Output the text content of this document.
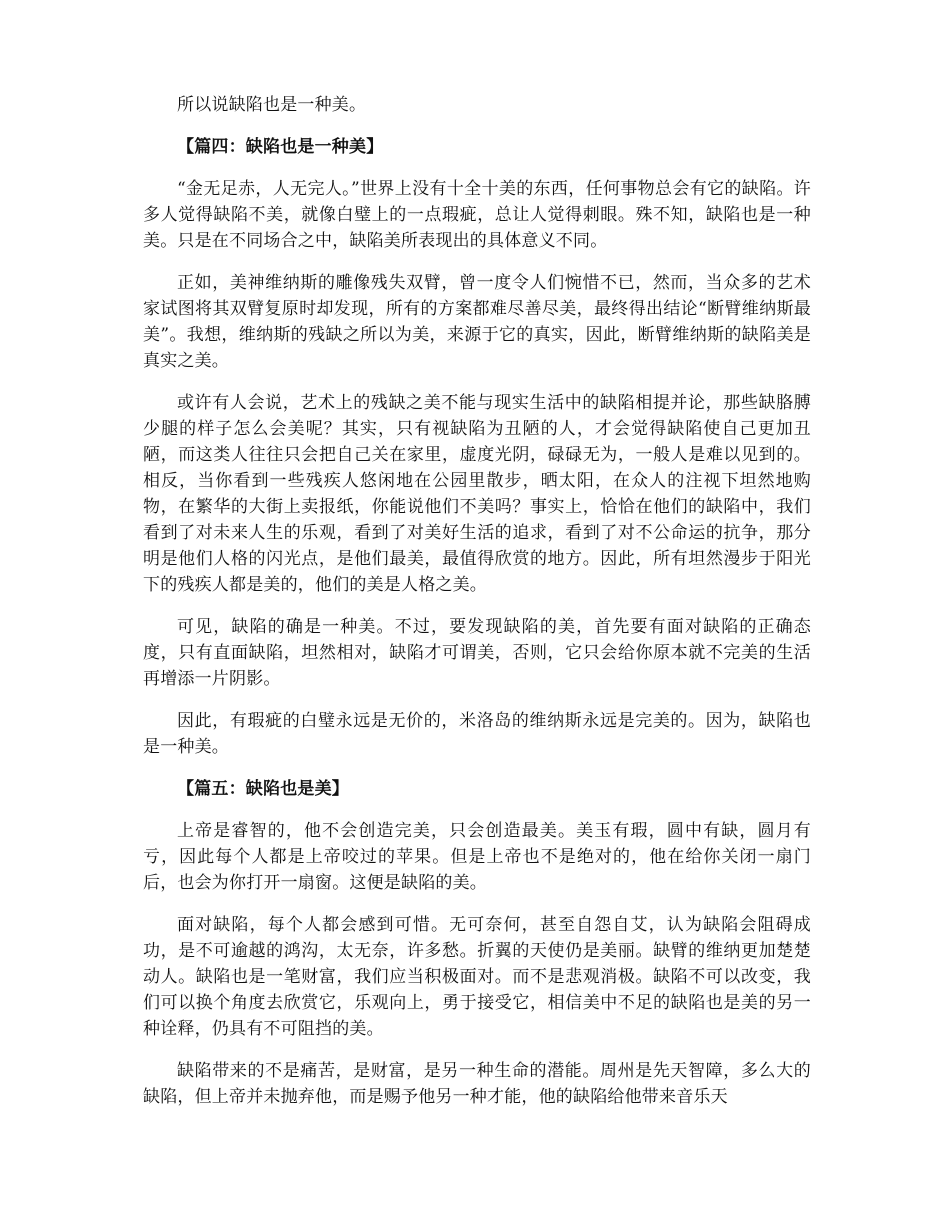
所以说缺陷也是一种美。

【篇四：缺陷也是一种美】

“金无足赤，人无完人。”世界上没有十全十美的东西，任何事物总会有它的缺陷。许多人觉得缺陷不美，就像白璧上的一点瑕疵，总让人觉得刺眼。殊不知，缺陷也是一种美。只是在不同场合之中，缺陷美所表现出的具体意义不同。

正如，美神维纳斯的雕像残失双臂，曾一度令人们惋惜不已，然而，当众多的艺术家试图将其双臂复原时却发现，所有的方案都难尽善尽美，最终得出结论“断臂维纳斯最美”。我想，维纳斯的残缺之所以为美，来源于它的真实，因此，断臂维纳斯的缺陷美是真实之美。

或许有人会说，艺术上的残缺之美不能与现实生活中的缺陷相提并论，那些缺胳膊少腿的样子怎么会美呢？其实，只有视缺陷为丑陋的人，才会觉得缺陷使自己更加丑陋，而这类人往往只会把自己关在家里，虚度光阴，碌碌无为，一般人是难以见到的。相反，当你看到一些残疾人悠闲地在公园里散步，晒太阳，在众人的注视下坦然地购物，在繁华的大街上卖报纸，你能说他们不美吗？事实上，恰恰在他们的缺陷中，我们看到了对未来人生的乐观，看到了对美好生活的追求，看到了对不公命运的抗争，那分明是他们人格的闪光点，是他们最美，最值得欣赏的地方。因此，所有坦然漫步于阳光下的残疾人都是美的，他们的美是人格之美。

可见，缺陷的确是一种美。不过，要发现缺陷的美，首先要有面对缺陷的正确态度，只有直面缺陷，坦然相对，缺陷才可谓美，否则，它只会给你原本就不完美的生活再增添一片阴影。

因此，有瑕疵的白璧永远是无价的，米洛岛的维纳斯永远是完美的。因为，缺陷也是一种美。

【篇五：缺陷也是美】

上帝是睿智的，他不会创造完美，只会创造最美。美玉有瑕，圆中有缺，圆月有亏，因此每个人都是上帝咬过的苹果。但是上帝也不是绝对的，他在给你关闭一扇门后，也会为你打开一扇窗。这便是缺陷的美。

面对缺陷，每个人都会感到可惜。无可奈何，甚至自怨自艾，认为缺陷会阻碍成功，是不可逾越的鸿沟，太无奈，许多愁。折翼的天使仍是美丽。缺臂的维纳更加楚楚动人。缺陷也是一笔财富，我们应当积极面对。而不是悲观消极。缺陷不可以改变，我们可以换个角度去欣赏它，乐观向上，勇于接受它，相信美中不足的缺陷也是美的另一种诠释，仍具有不可阻挡的美。

缺陷带来的不是痛苦，是财富，是另一种生命的潜能。周州是先天智障，多么大的缺陷，但上帝并未抛弃他，而是赐予他另一种才能，他的缺陷给他带来音乐天
